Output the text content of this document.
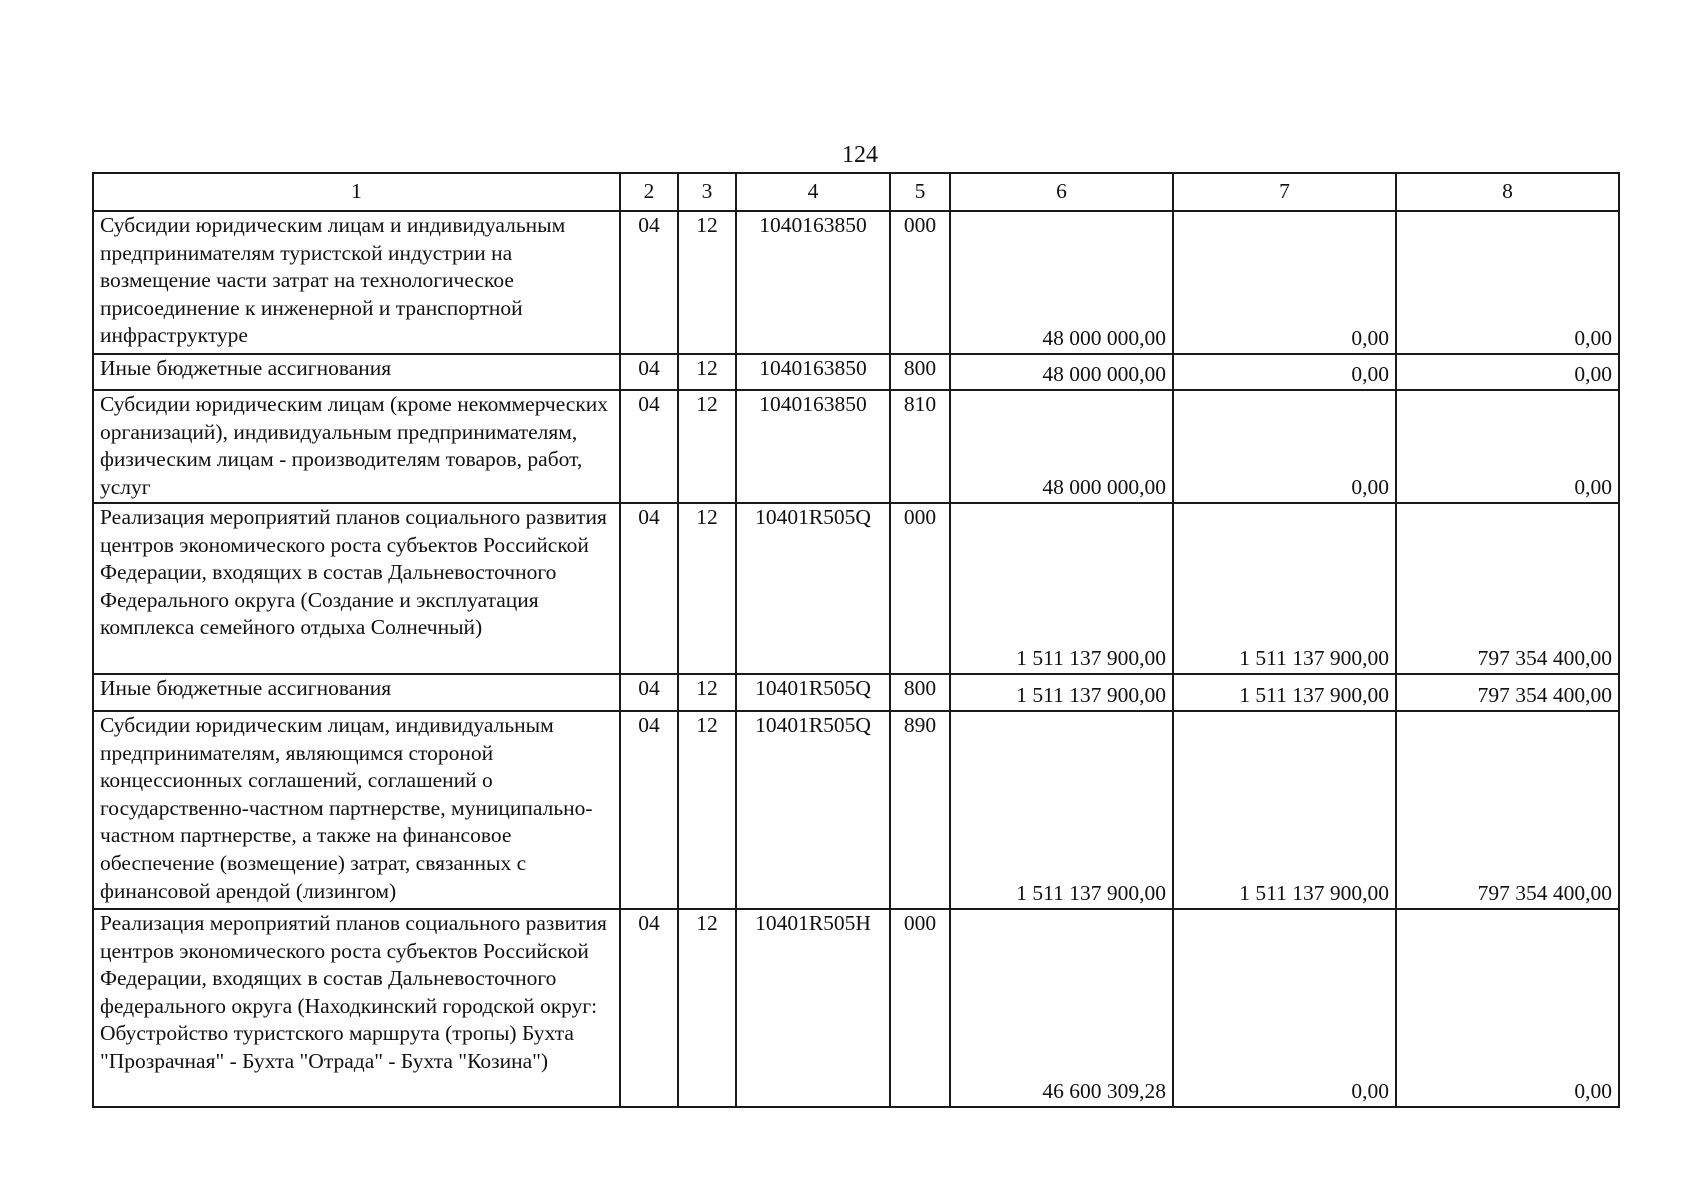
124
1	2	3	4	5	6	7	8
Субсидии юридическим лицам и индивидуальным предпринимателям туристской индустрии на возмещение части затрат на технологическое присоединение к инженерной и транспортной инфраструктуре	04	12	1040163850	000	48 000 000,00	0,00	0,00
Иные бюджетные ассигнования	04	12	1040163850	800	48 000 000,00	0,00	0,00
Субсидии юридическим лицам (кроме некоммерческих организаций), индивидуальным предпринимателям, физическим лицам - производителям товаров, работ, услуг	04	12	1040163850	810	48 000 000,00	0,00	0,00
Реализация мероприятий планов социального развития центров экономического роста субъектов Российской Федерации, входящих в состав Дальневосточного Федерального округа (Создание и эксплуатация комплекса семейного отдыха Солнечный)	04	12	10401R505Q	000	1 511 137 900,00	1 511 137 900,00	797 354 400,00
Иные бюджетные ассигнования	04	12	10401R505Q	800	1 511 137 900,00	1 511 137 900,00	797 354 400,00
Субсидии юридическим лицам, индивидуальным предпринимателям, являющимся стороной концессионных соглашений, соглашений о государственно-частном партнерстве, муниципально-частном партнерстве, а также на финансовое обеспечение (возмещение) затрат, связанных с финансовой арендой (лизингом)	04	12	10401R505Q	890	1 511 137 900,00	1 511 137 900,00	797 354 400,00
Реализация мероприятий планов социального развития центров экономического роста субъектов Российской Федерации, входящих в состав Дальневосточного федерального округа (Находкинский городской округ: Обустройство туристского маршрута (тропы) Бухта "Прозрачная" - Бухта "Отрада" - Бухта "Козина")	04	12	10401R505H	000	46 600 309,28	0,00	0,00
